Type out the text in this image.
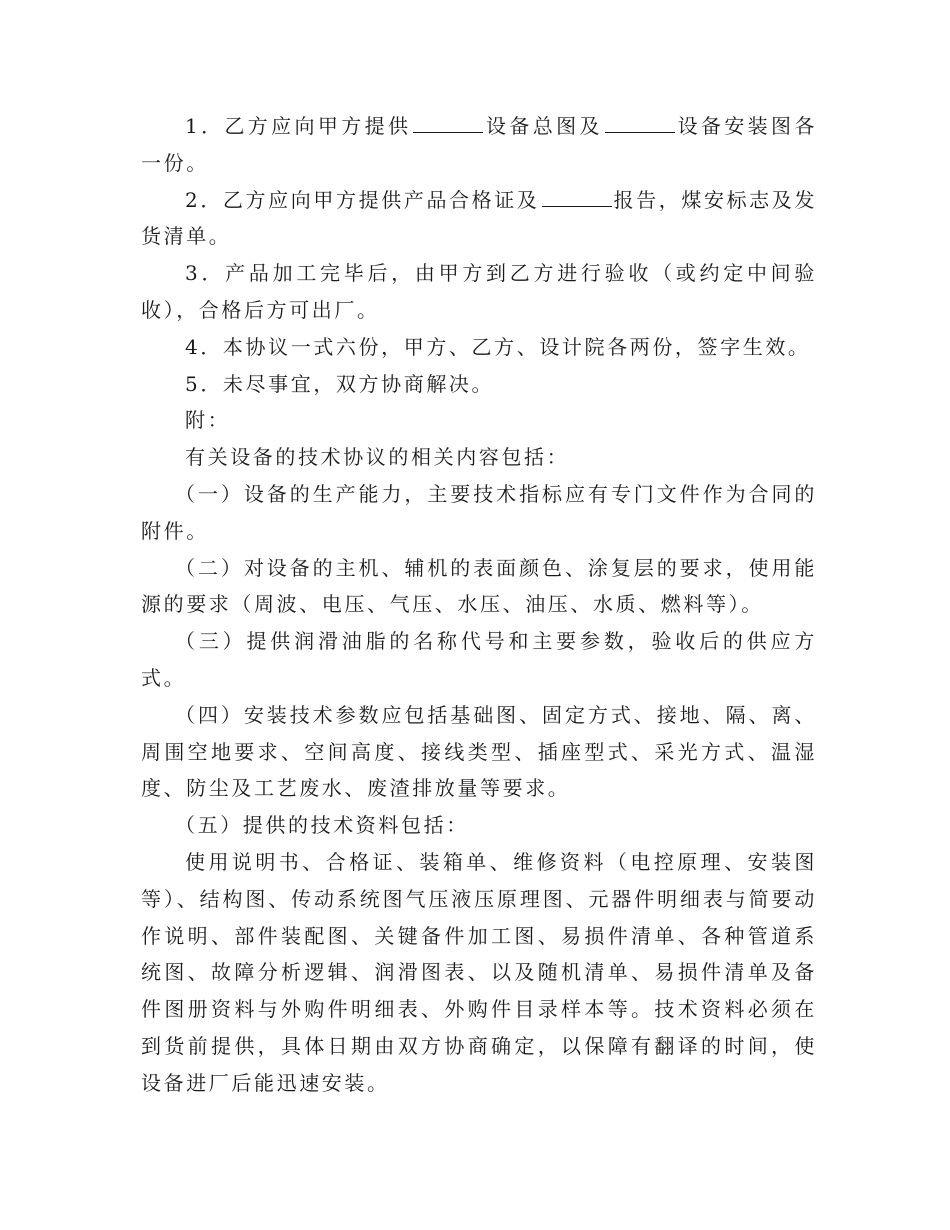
1．乙方应向甲方提供	设备总图及	设备安装图各一份。

2．乙方应向甲方提供产品合格证及	报告，煤安标志及发货清单。

3．产品加工完毕后，由甲方到乙方进行验收（或约定中间验收），合格后方可出厂。

4．本协议一式六份，甲方、乙方、设计院各两份，签字生效。

5．未尽事宜，双方协商解决。

附：

有关设备的技术协议的相关内容包括：

（一）设备的生产能力，主要技术指标应有专门文件作为合同的附件。

（二）对设备的主机、辅机的表面颜色、涂复层的要求，使用能源的要求（周波、电压、气压、水压、油压、水质、燃料等）。

（三）提供润滑油脂的名称代号和主要参数，验收后的供应方式。

（四）安装技术参数应包括基础图、固定方式、接地、隔、离、周围空地要求、空间高度、接线类型、插座型式、采光方式、温湿度、防尘及工艺废水、废渣排放量等要求。

（五）提供的技术资料包括：

使用说明书、合格证、装箱单、维修资料（电控原理、安装图等）、结构图、传动系统图气压液压原理图、元器件明细表与简要动作说明、部件装配图、关键备件加工图、易损件清单、各种管道系统图、故障分析逻辑、润滑图表、以及随机清单、易损件清单及备件图册资料与外购件明细表、外购件目录样本等。技术资料必须在到货前提供，具体日期由双方协商确定，以保障有翻译的时间，使设备进厂后能迅速安装。
